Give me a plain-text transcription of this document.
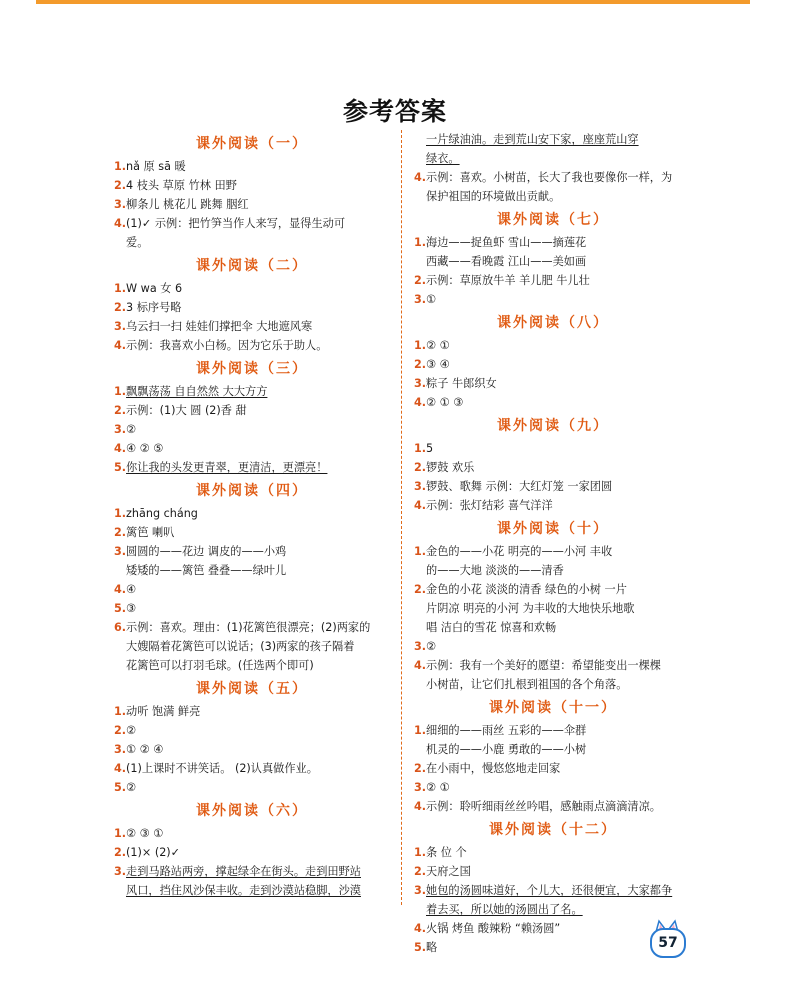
参考答案
课外阅读（一）
1.nǎ 原 sā 暖
2.4 枝头 草原 竹林 田野
3.柳条儿 桃花儿 跳舞 胭红
4.(1)✓ 示例：把竹笋当作人来写，显得生动可
爱。
课外阅读（二）
1.W wa 女 6
2.3 标序号略
3.乌云扫一扫 娃娃们撑把伞 大地遮风寒
4.示例：我喜欢小白杨。因为它乐于助人。
课外阅读（三）
1.飘飘荡荡 自自然然 大大方方
2.示例：(1)大 圆 (2)香 甜
3.②
4.④ ② ⑤
5.你让我的头发更青翠，更清洁，更漂亮！
课外阅读（四）
1.zhāng cháng
2.篱笆 喇叭
3.圆圆的——花边 调皮的——小鸡
矮矮的——篱笆 叠叠——绿叶儿
4.④
5.③
6.示例：喜欢。理由：(1)花篱笆很漂亮；(2)两家的
大嫂隔着花篱笆可以说话；(3)两家的孩子隔着
花篱笆可以打羽毛球。(任选两个即可)
课外阅读（五）
1.动听 饱满 鲜亮
2.②
3.① ② ④
4.(1)上课时不讲笑话。 (2)认真做作业。
5.②
课外阅读（六）
1.② ③ ①
2.(1)× (2)✓
3.走到马路站两旁，撑起绿伞在街头。走到田野站
风口，挡住风沙保丰收。走到沙漠站稳脚，沙漠
一片绿油油。走到荒山安下家，座座荒山穿
绿衣。
4.示例：喜欢。小树苗，长大了我也要像你一样，为
保护祖国的环境做出贡献。
课外阅读（七）
1.海边——捉鱼虾 雪山——摘莲花
西藏——看晚霞 江山——美如画
2.示例：草原放牛羊 羊儿肥 牛儿壮
3.①
课外阅读（八）
1.② ①
2.③ ④
3.粽子 牛郎织女
4.② ① ③
课外阅读（九）
1.5
2.锣鼓 欢乐
3.锣鼓、歌舞 示例：大红灯笼 一家团圆
4.示例：张灯结彩 喜气洋洋
课外阅读（十）
1.金色的——小花 明亮的——小河 丰收
的——大地 淡淡的——清香
2.金色的小花 淡淡的清香 绿色的小树 一片
片阴凉 明亮的小河 为丰收的大地快乐地歌
唱 洁白的雪花 惊喜和欢畅
3.②
4.示例：我有一个美好的愿望：希望能变出一棵棵
小树苗，让它们扎根到祖国的各个角落。
课外阅读（十一）
1.细细的——雨丝 五彩的——伞群
机灵的——小鹿 勇敢的——小树
2.在小雨中，慢悠悠地走回家
3.② ①
4.示例：聆听细雨丝丝吟唱，感触雨点滴滴清凉。
课外阅读（十二）
1.条 位 个
2.天府之国
3.她包的汤圆味道好，个儿大，还很便宜，大家都争
着去买，所以她的汤圆出了名。
4.火锅 烤鱼 酸辣粉 “赖汤圆”
5.略	57
